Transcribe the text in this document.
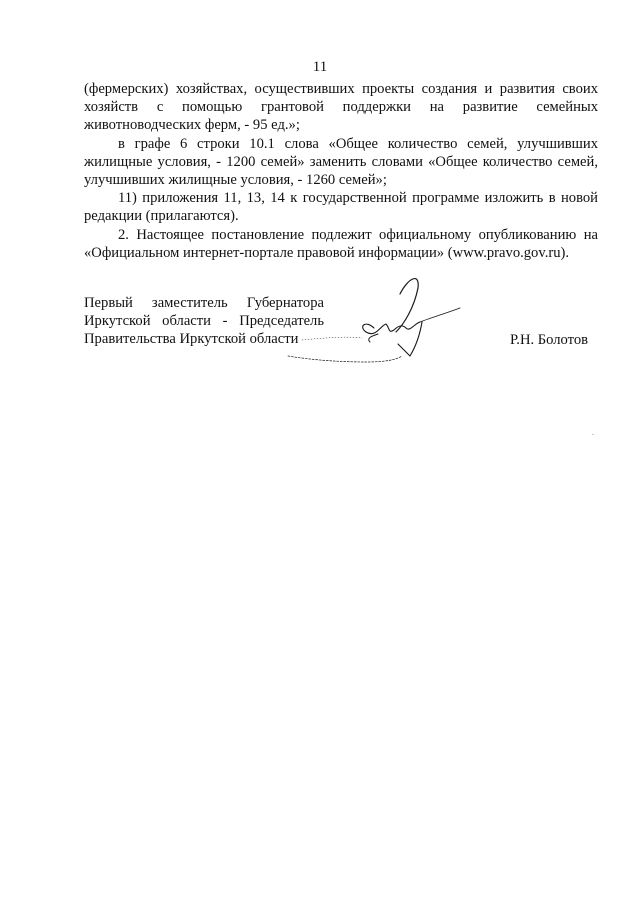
11

(фермерских) хозяйствах, осуществивших проекты создания и развития своих хозяйств с помощью грантовой поддержки на развитие семейных животноводческих ферм, - 95 ед.»;

в графе 6 строки 10.1 слова «Общее количество семей, улучшивших жилищные условия, - 1200 семей» заменить словами «Общее количество семей, улучшивших жилищные условия, - 1260 семей»;

11) приложения 11, 13, 14 к государственной программе изложить в новой редакции (прилагаются).

2. Настоящее постановление подлежит официальному опубликованию на «Официальном интернет-портале правовой информации» (www.pravo.gov.ru).

Первый заместитель Губернатора
Иркутской области - Председатель
Правительства Иркутской области	Р.Н. Болотов
